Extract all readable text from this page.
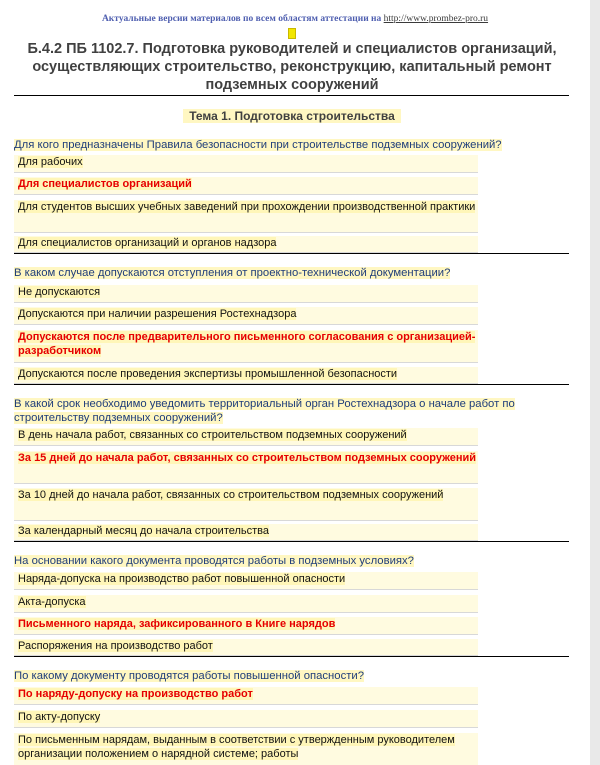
Актуальные версии материалов по всем областям аттестации на http://www.prombez-pro.ru
Б.4.2 ПБ 1102.7. Подготовка руководителей и специалистов организаций, осуществляющих строительство, реконструкцию, капитальный ремонт подземных сооружений
Тема 1. Подготовка строительства
Для кого предназначены Правила безопасности при строительстве подземных сооружений?
Для рабочих
Для специалистов организаций
Для студентов высших учебных заведений при прохождении производственной практики
Для специалистов организаций и органов надзора
В каком случае допускаются отступления от проектно-технической документации?
Не допускаются
Допускаются при наличии разрешения Ростехнадзора
Допускаются после предварительного письменного согласования с организацией-разработчиком
Допускаются после проведения экспертизы промышленной безопасности
В какой срок необходимо уведомить территориальный орган Ростехнадзора о начале работ по строительству подземных сооружений?
В день начала работ, связанных со строительством подземных сооружений
За 15 дней до начала работ, связанных со строительством подземных сооружений
За 10 дней до начала работ, связанных со строительством подземных сооружений
За календарный месяц до начала строительства
На основании какого документа проводятся работы в подземных условиях?
Наряда-допуска на производство работ повышенной опасности
Акта-допуска
Письменного наряда, зафиксированного в Книге нарядов
Распоряжения на производство работ
По какому документу проводятся работы повышенной опасности?
По наряду-допуску на производство работ
По акту-допуску
По письменным нарядам, выданным в соответствии с утвержденным руководителем организации положением о нарядной системе; работы
